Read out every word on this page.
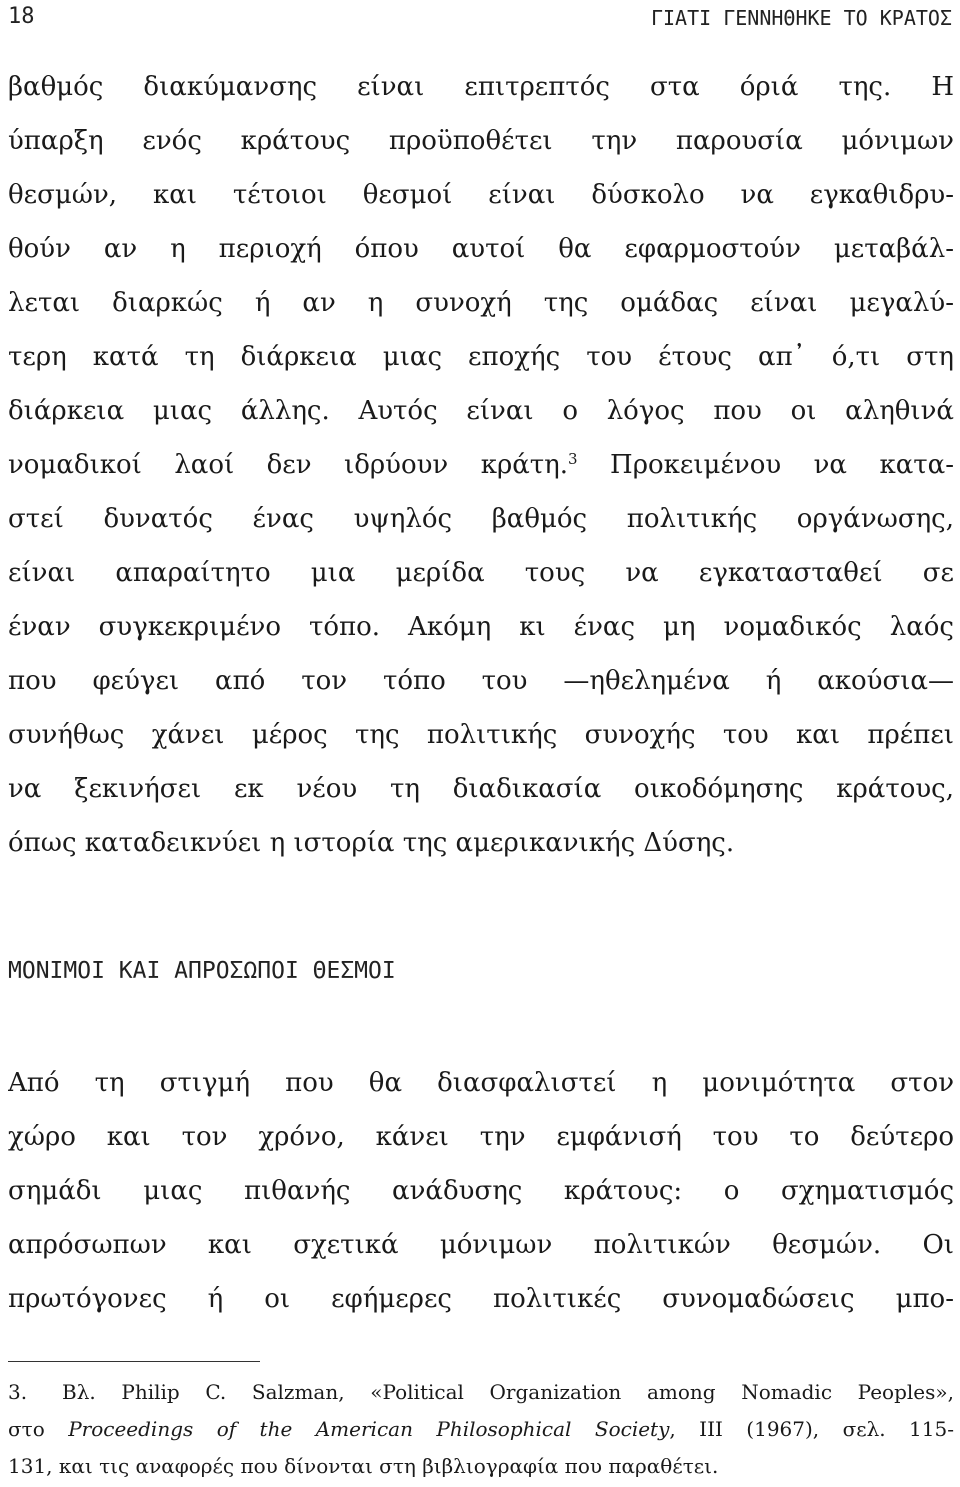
18	ΓΙΑΤΙ ΓΕΝΝΗΘΗΚΕ ΤΟ ΚΡΑΤΟΣ
βαθμός διακύμανσης είναι επιτρεπτός στα όριά της. Η
ύπαρξη ενός κράτους προϋποθέτει την παρουσία μόνιμων
θεσμών, και τέτοιοι θεσμοί είναι δύσκολο να εγκαθιδρυ-
θούν αν η περιοχή όπου αυτοί θα εφαρμοστούν μεταβάλ-
λεται διαρκώς ή αν η συνοχή της ομάδας είναι μεγαλύ-
τερη κατά τη διάρκεια μιας εποχής του έτους απ᾽ ό,τι στη
διάρκεια μιας άλλης. Αυτός είναι ο λόγος που οι αληθινά
νομαδικοί λαοί δεν ιδρύουν κράτη.$^3$ Προκειμένου να κατα-
στεί δυνατός ένας υψηλός βαθμός πολιτικής οργάνωσης,
είναι απαραίτητο μια μερίδα τους να εγκατασταθεί σε
έναν συγκεκριμένο τόπο. Ακόμη κι ένας μη νομαδικός λαός
που φεύγει από τον τόπο του —ηθελημένα ή ακούσια—
συνήθως χάνει μέρος της πολιτικής συνοχής του και πρέπει
να ξεκινήσει εκ νέου τη διαδικασία οικοδόμησης κράτους,
όπως καταδεικνύει η ιστορία της αμερικανικής Δύσης.
ΜΟΝΙΜΟΙ ΚΑΙ ΑΠΡΟΣΩΠΟΙ ΘΕΣΜΟΙ
Από τη στιγμή που θα διασφαλιστεί η μονιμότητα στον
χώρο και τον χρόνο, κάνει την εμφάνισή του το δεύτερο
σημάδι μιας πιθανής ανάδυσης κράτους: ο σχηματισμός
απρόσωπων και σχετικά μόνιμων πολιτικών θεσμών. Οι
πρωτόγονες ή οι εφήμερες πολιτικές συνομαδώσεις μπο-
3. Βλ. Philip C. Salzman, «Political Organization among Nomadic Peoples»,
στο Proceedings of the American Philosophical Society, III (1967), σελ. 115-
131, και τις αναφορές που δίνονται στη βιβλιογραφία που παραθέτει.
